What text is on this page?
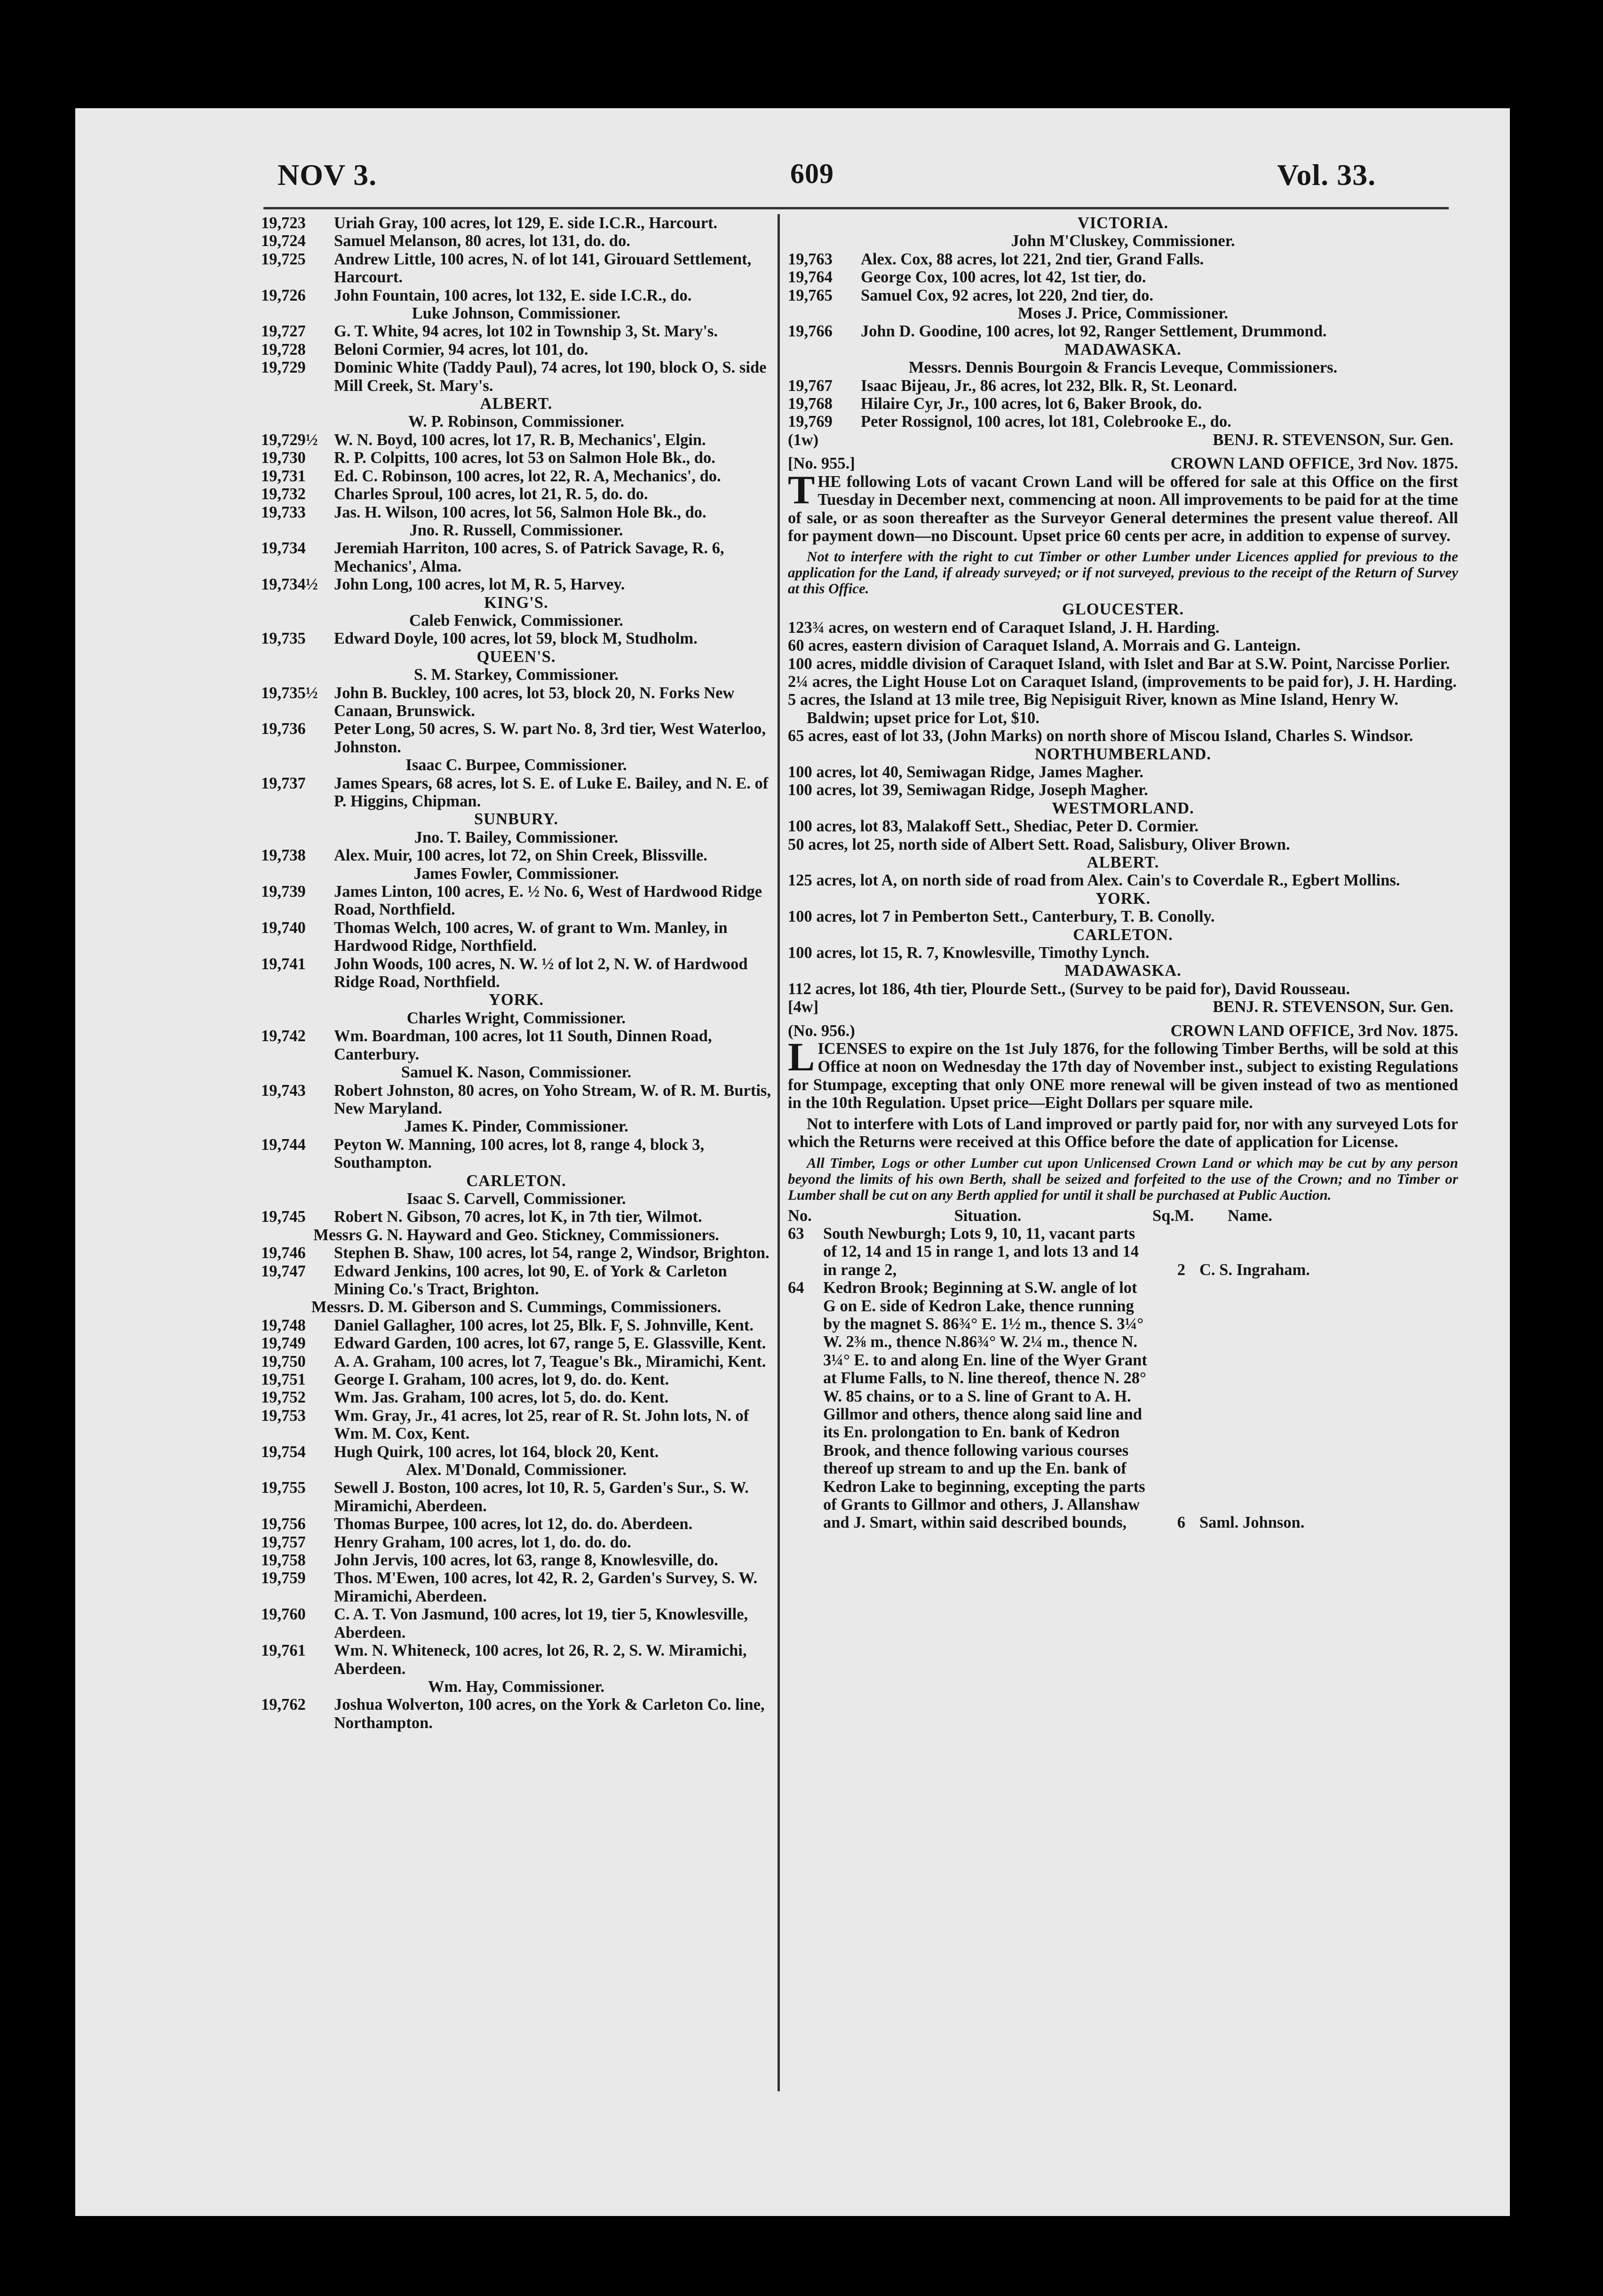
NOV 3.	609	Vol. 33.
19,723 Uriah Gray, 100 acres, lot 129, E. side I.C.R., Harcourt.
19,724 Samuel Melanson, 80 acres, lot 131, do. do.
19,725 Andrew Little, 100 acres, N. of lot 141, Girouard Settlement, Harcourt.
19,726 John Fountain, 100 acres, lot 132, E. side I.C.R., do.
Luke Johnson, Commissioner.
19,727 G. T. White, 94 acres, lot 102 in Township 3, St. Mary's.
19,728 Beloni Cormier, 94 acres, lot 101, do.
19,729 Dominic White (Taddy Paul), 74 acres, lot 190, block O, S. side Mill Creek, St. Mary's.
ALBERT.
W. P. Robinson, Commissioner.
19,729½ W. N. Boyd, 100 acres, lot 17, R. B, Mechanics', Elgin.
19,730 R. P. Colpitts, 100 acres, lot 53 on Salmon Hole Bk., do.
19,731 Ed. C. Robinson, 100 acres, lot 22, R. A, Mechanics', do.
19,732 Charles Sproul, 100 acres, lot 21, R. 5, do. do.
19,733 Jas. H. Wilson, 100 acres, lot 56, Salmon Hole Bk., do.
Jno. R. Russell, Commissioner.
19,734 Jeremiah Harriton, 100 acres, S. of Patrick Savage, R. 6, Mechanics', Alma.
19,734½ John Long, 100 acres, lot M, R. 5, Harvey.
KING'S.
Caleb Fenwick, Commissioner.
19,735 Edward Doyle, 100 acres, lot 59, block M, Studholm.
QUEEN'S.
S. M. Starkey, Commissioner.
19,735½ John B. Buckley, 100 acres, lot 53, block 20, N. Forks New Canaan, Brunswick.
19,736 Peter Long, 50 acres, S. W. part No. 8, 3rd tier, West Waterloo, Johnston.
Isaac C. Burpee, Commissioner.
19,737 James Spears, 68 acres, lot S. E. of Luke E. Bailey, and N. E. of P. Higgins, Chipman.
SUNBURY.
Jno. T. Bailey, Commissioner.
19,738 Alex. Muir, 100 acres, lot 72, on Shin Creek, Blissville.
James Fowler, Commissioner.
19,739 James Linton, 100 acres, E. ½ No. 6, West of Hardwood Ridge Road, Northfield.
19,740 Thomas Welch, 100 acres, W. of grant to Wm. Manley, in Hardwood Ridge, Northfield.
19,741 John Woods, 100 acres, N. W. ½ of lot 2, N. W. of Hardwood Ridge Road, Northfield.
YORK.
Charles Wright, Commissioner.
19,742 Wm. Boardman, 100 acres, lot 11 South, Dinnen Road, Canterbury.
Samuel K. Nason, Commissioner.
19,743 Robert Johnston, 80 acres, on Yoho Stream, W. of R. M. Burtis, New Maryland.
James K. Pinder, Commissioner.
19,744 Peyton W. Manning, 100 acres, lot 8, range 4, block 3, Southampton.
CARLETON.
Isaac S. Carvell, Commissioner.
19,745 Robert N. Gibson, 70 acres, lot K, in 7th tier, Wilmot.
Messrs G. N. Hayward and Geo. Stickney, Commissioners.
19,746 Stephen B. Shaw, 100 acres, lot 54, range 2, Windsor, Brighton.
19,747 Edward Jenkins, 100 acres, lot 90, E. of York & Carleton Mining Co.'s Tract, Brighton.
Messrs. D. M. Giberson and S. Cummings, Commissioners.
19,748 Daniel Gallagher, 100 acres, lot 25, Blk. F, S. Johnville, Kent.
19,749 Edward Garden, 100 acres, lot 67, range 5, E. Glassville, Kent.
19,750 A. A. Graham, 100 acres, lot 7, Teague's Bk., Miramichi, Kent.
19,751 George I. Graham, 100 acres, lot 9, do. do. Kent.
19,752 Wm. Jas. Graham, 100 acres, lot 5, do. do. Kent.
19,753 Wm. Gray, Jr., 41 acres, lot 25, rear of R. St. John lots, N. of Wm. M. Cox, Kent.
19,754 Hugh Quirk, 100 acres, lot 164, block 20, Kent.
Alex. M'Donald, Commissioner.
19,755 Sewell J. Boston, 100 acres, lot 10, R. 5, Garden's Sur., S. W. Miramichi, Aberdeen.
19,756 Thomas Burpee, 100 acres, lot 12, do. do. Aberdeen.
19,757 Henry Graham, 100 acres, lot 1, do. do. do.
19,758 John Jervis, 100 acres, lot 63, range 8, Knowlesville, do.
19,759 Thos. M'Ewen, 100 acres, lot 42, R. 2, Garden's Survey, S. W. Miramichi, Aberdeen.
19,760 C. A. T. Von Jasmund, 100 acres, lot 19, tier 5, Knowlesville, Aberdeen.
19,761 Wm. N. Whiteneck, 100 acres, lot 26, R. 2, S. W. Miramichi, Aberdeen.
Wm. Hay, Commissioner.
19,762 Joshua Wolverton, 100 acres, on the York & Carleton Co. line, Northampton.
VICTORIA.
John M'Cluskey, Commissioner.
19,763 Alex. Cox, 88 acres, lot 221, 2nd tier, Grand Falls.
19,764 George Cox, 100 acres, lot 42, 1st tier, do.
19,765 Samuel Cox, 92 acres, lot 220, 2nd tier, do.
Moses J. Price, Commissioner.
19,766 John D. Goodine, 100 acres, lot 92, Ranger Settlement, Drummond.
MADAWASKA.
Messrs. Dennis Bourgoin & Francis Leveque, Commissioners.
19,767 Isaac Bijeau, Jr., 86 acres, lot 232, Blk. R, St. Leonard.
19,768 Hilaire Cyr, Jr., 100 acres, lot 6, Baker Brook, do.
19,769 Peter Rossignol, 100 acres, lot 181, Colebrooke E., do.
(1w)	BENJ. R. STEVENSON, Sur. Gen.
[No. 955.]	CROWN LAND OFFICE, 3rd Nov. 1875.
THE following Lots of vacant Crown Land will be offered for sale at this Office on the first Tuesday in December next, commencing at noon. All improvements to be paid for at the time of sale, or as soon thereafter as the Surveyor General determines the present value thereof. All for payment down—no Discount. Upset price 60 cents per acre, in addition to expense of survey.
Not to interfere with the right to cut Timber or other Lumber under Licences applied for previous to the application for the Land, if already surveyed; or if not surveyed, previous to the receipt of the Return of Survey at this Office.
GLOUCESTER.
123¾ acres, on western end of Caraquet Island, J. H. Harding.
60 acres, eastern division of Caraquet Island, A. Morrais and G. Lanteign.
100 acres, middle division of Caraquet Island, with Islet and Bar at S.W. Point, Narcisse Porlier.
2¼ acres, the Light House Lot on Caraquet Island, (improvements to be paid for), J. H. Harding.
5 acres, the Island at 13 mile tree, Big Nepisiguit River, known as Mine Island, Henry W. Baldwin; upset price for Lot, $10.
65 acres, east of lot 33, (John Marks) on north shore of Miscou Island, Charles S. Windsor.
NORTHUMBERLAND.
100 acres, lot 40, Semiwagan Ridge, James Magher.
100 acres, lot 39, Semiwagan Ridge, Joseph Magher.
WESTMORLAND.
100 acres, lot 83, Malakoff Sett., Shediac, Peter D. Cormier.
50 acres, lot 25, north side of Albert Sett. Road, Salisbury, Oliver Brown.
ALBERT.
125 acres, lot A, on north side of road from Alex. Cain's to Coverdale R., Egbert Mollins.
YORK.
100 acres, lot 7 in Pemberton Sett., Canterbury, T. B. Conolly.
CARLETON.
100 acres, lot 15, R. 7, Knowlesville, Timothy Lynch.
MADAWASKA.
112 acres, lot 186, 4th tier, Plourde Sett., (Survey to be paid for), David Rousseau.
[4w]	BENJ. R. STEVENSON, Sur. Gen.
(No. 956.)	CROWN LAND OFFICE, 3rd Nov. 1875.
LICENSES to expire on the 1st July 1876, for the following Timber Berths, will be sold at this Office at noon on Wednesday the 17th day of November inst., subject to existing Regulations for Stumpage, excepting that only ONE more renewal will be given instead of two as mentioned in the 10th Regulation. Upset price—Eight Dollars per square mile.
Not to interfere with Lots of Land improved or partly paid for, nor with any surveyed Lots for which the Returns were received at this Office before the date of application for License.
All Timber, Logs or other Lumber cut upon Unlicensed Crown Land or which may be cut by any person beyond the limits of his own Berth, shall be seized and forfeited to the use of the Crown; and no Timber or Lumber shall be cut on any Berth applied for until it shall be purchased at Public Auction.
No.	Situation.	Sq.M.	Name.
63	South Newburgh; Lots 9, 10, 11, vacant parts of 12, 14 and 15 in range 1, and lots 13 and 14 in range 2,	2 C. S. Ingraham.
64	Kedron Brook; Beginning at S.W. angle of lot G on E. side of Kedron Lake, thence running by the magnet S. 86¾° E. 1½ m., thence S. 3¼° W. 2⅜ m., thence N.86¾° W. 2¼ m., thence N. 3¼° E. to and along En. line of the Wyer Grant at Flume Falls, to N. line thereof, thence N. 28° W. 85 chains, or to a S. line of Grant to A. H. Gillmor and others, thence along said line and its En. prolongation to En. bank of Kedron Brook, and thence following various courses thereof up stream to and up the En. bank of Kedron Lake to beginning, excepting the parts of Grants to Gillmor and others, J. Allanshaw and J. Smart, within said described bounds,	6 Saml. Johnson.
